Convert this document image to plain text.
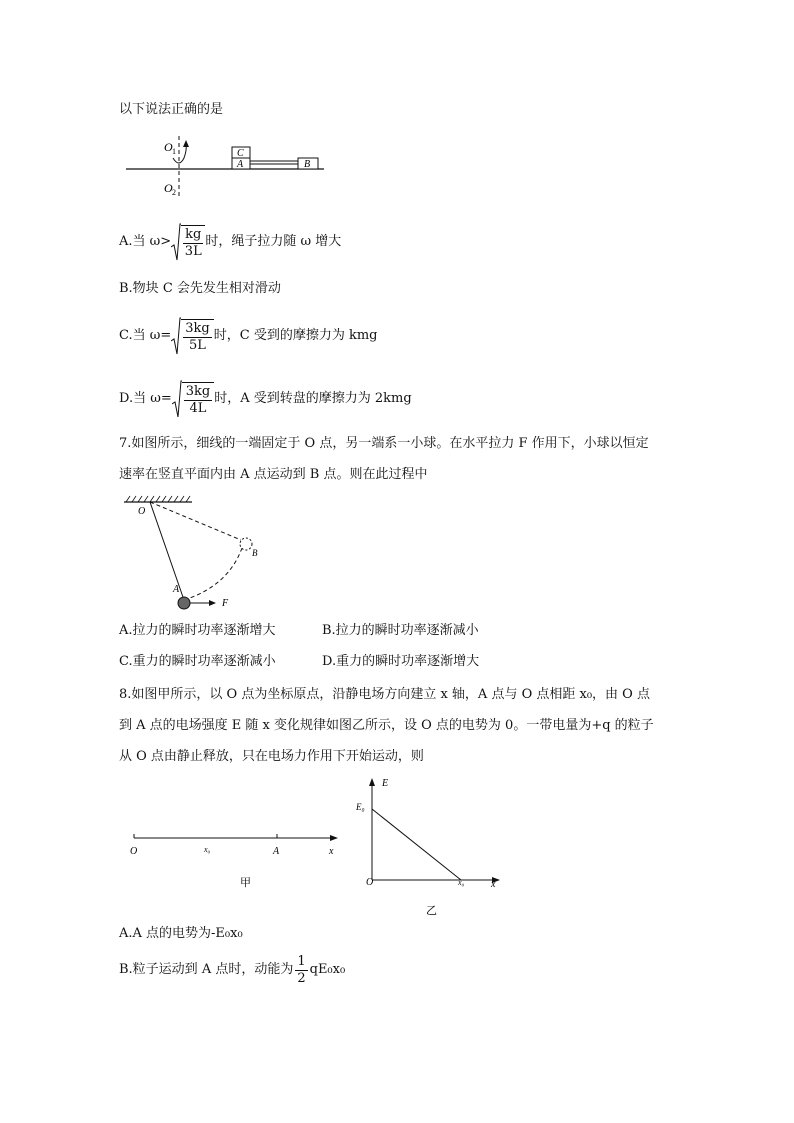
以下说法正确的是
O 1
O 2
C
A	B
A.当 $\omega> \frac{kg}{3L}$ 时，绳子拉力随 ω 增大
B.物块 C 会先发生相对滑动
C.当 $\omega= \frac{3kg}{5L}$ 时，C 受到的摩擦力为 kmg
D.当 $\omega= \frac{3kg}{4L}$ 时，A 受到转盘的摩擦力为 2kmg
7.如图所示，细线的一端固定于 O 点，另一端系一小球。在水平拉力 F 作用下，小球以恒定
速率在竖直平面内由 A 点运动到 B 点。则在此过程中
O
B
A
F
A.拉力的瞬时功率逐渐增大	B.拉力的瞬时功率逐渐减小
C.重力的瞬时功率逐渐减小	D.重力的瞬时功率逐渐增大
8.如图甲所示，以 O 点为坐标原点，沿静电场方向建立 x 轴，A 点与 O 点相距 x₀，由 O 点
到 A 点的电场强度 E 随 x 变化规律如图乙所示，设 O 点的电势为 0。一带电量为+q 的粒子
从 O 点由静止释放，只在电场力作用下开始运动，则
O	x₀	A	x
甲
E
E₀
O	x₀	x
乙
A.A 点的电势为-E₀x₀
B.粒子运动到 A 点时，动能为 $\frac{1}{2} qE_0x_0$
